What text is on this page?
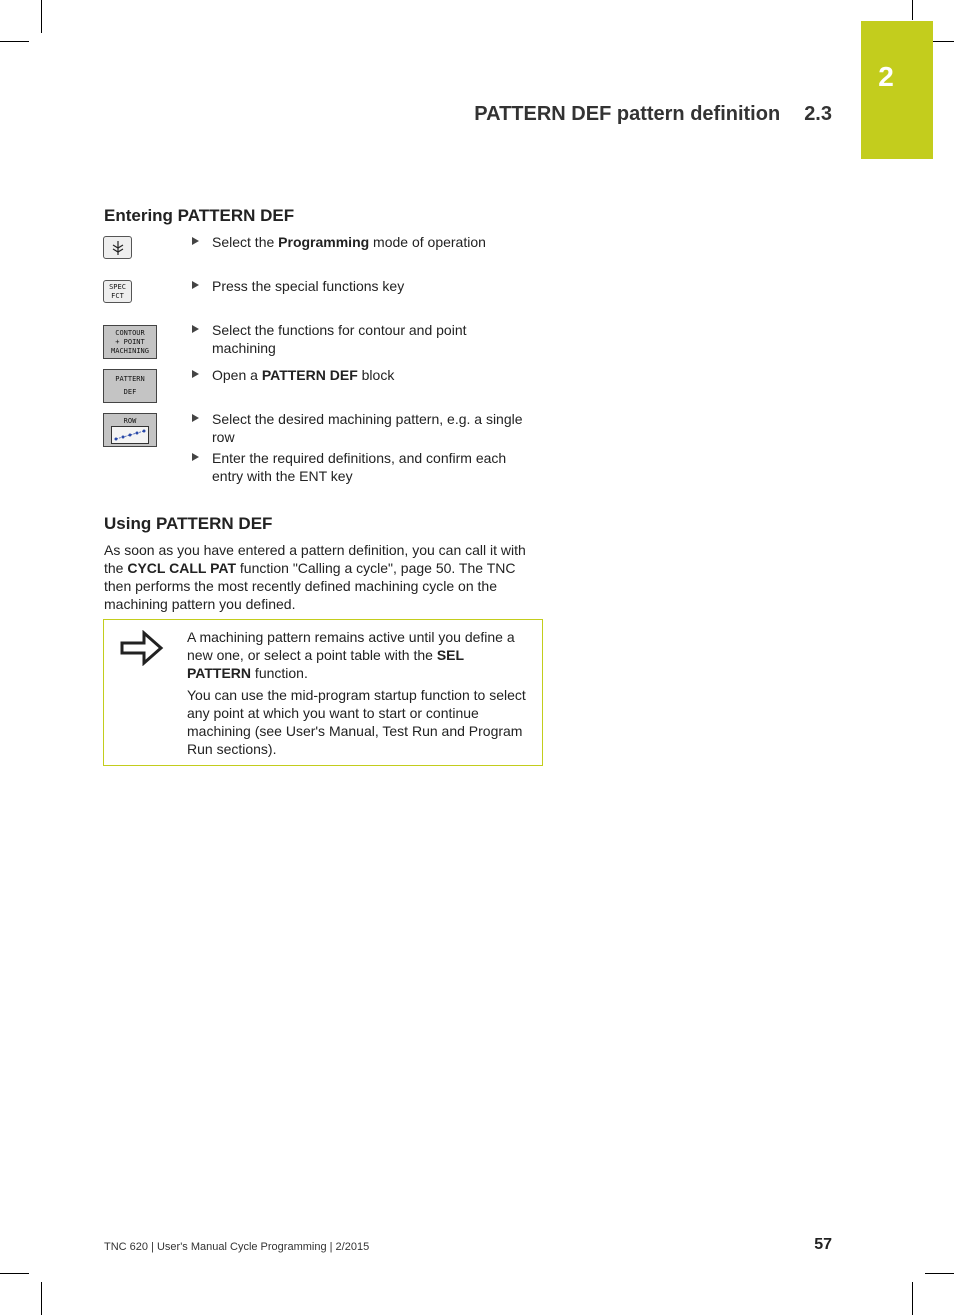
2
PATTERN DEF pattern definition 2.3
Entering PATTERN DEF
SPEC
FCT
CONTOUR
+ POINT
MACHINING
PATTERN
DEF
ROW
Select the Programming mode of operation
Press the special functions key
Select the functions for contour and point machining
Open a PATTERN DEF block
Select the desired machining pattern, e.g. a single row
Enter the required definitions, and confirm each entry with the ENT key
Using PATTERN DEF

As soon as you have entered a pattern definition, you can call it with the CYCL CALL PAT function "Calling a cycle", page 50. The TNC then performs the most recently defined machining cycle on the machining pattern you defined.

A machining pattern remains active until you define a new one, or select a point table with the SEL PATTERN function.

You can use the mid-program startup function to select any point at which you want to start or continue machining (see User's Manual, Test Run and Program Run sections).

TNC 620 | User's Manual Cycle Programming | 2/2015	57
